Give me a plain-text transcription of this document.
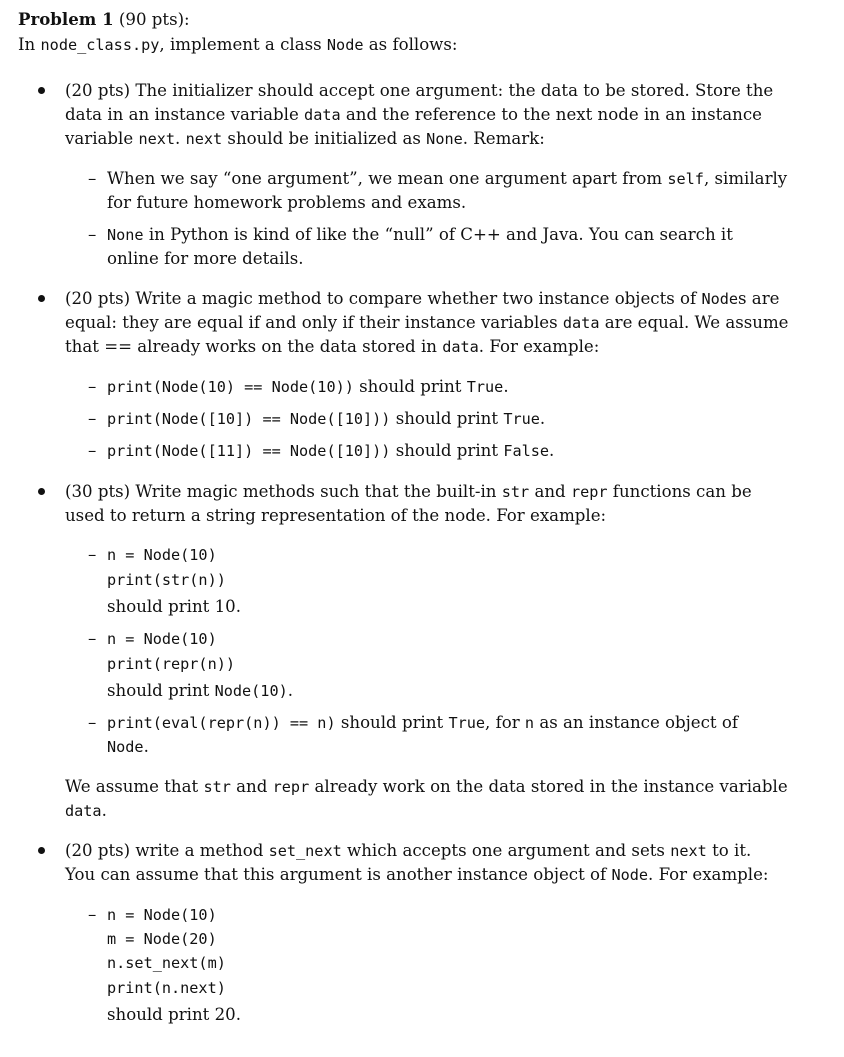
Problem 1 (90 pts):
In node_class.py, implement a class Node as follows:
(20 pts) The initializer should accept one argument: the data to be stored. Store the
data in an instance variable data and the reference to the next node in an instance
variable next. next should be initialized as None. Remark:
– When we say “one argument”, we mean one argument apart from self, similarly
for future homework problems and exams.
– None in Python is kind of like the “null” of C++ and Java. You can search it
online for more details.
(20 pts) Write a magic method to compare whether two instance objects of Nodes are
equal: they are equal if and only if their instance variables data are equal. We assume
that == already works on the data stored in data. For example:
– print(Node(10) == Node(10)) should print True.
– print(Node([10]) == Node([10])) should print True.
– print(Node([11]) == Node([10])) should print False.
(30 pts) Write magic methods such that the built-in str and repr functions can be
used to return a string representation of the node. For example:
– n = Node(10)
print(str(n))
should print 10.
– n = Node(10)
print(repr(n))
should print Node(10).
– print(eval(repr(n)) == n) should print True, for n as an instance object of
Node.
We assume that str and repr already work on the data stored in the instance variable
data.
(20 pts) write a method set_next which accepts one argument and sets next to it.
You can assume that this argument is another instance object of Node. For example:
– n = Node(10)
m = Node(20)
n.set_next(m)
print(n.next)
should print 20.
